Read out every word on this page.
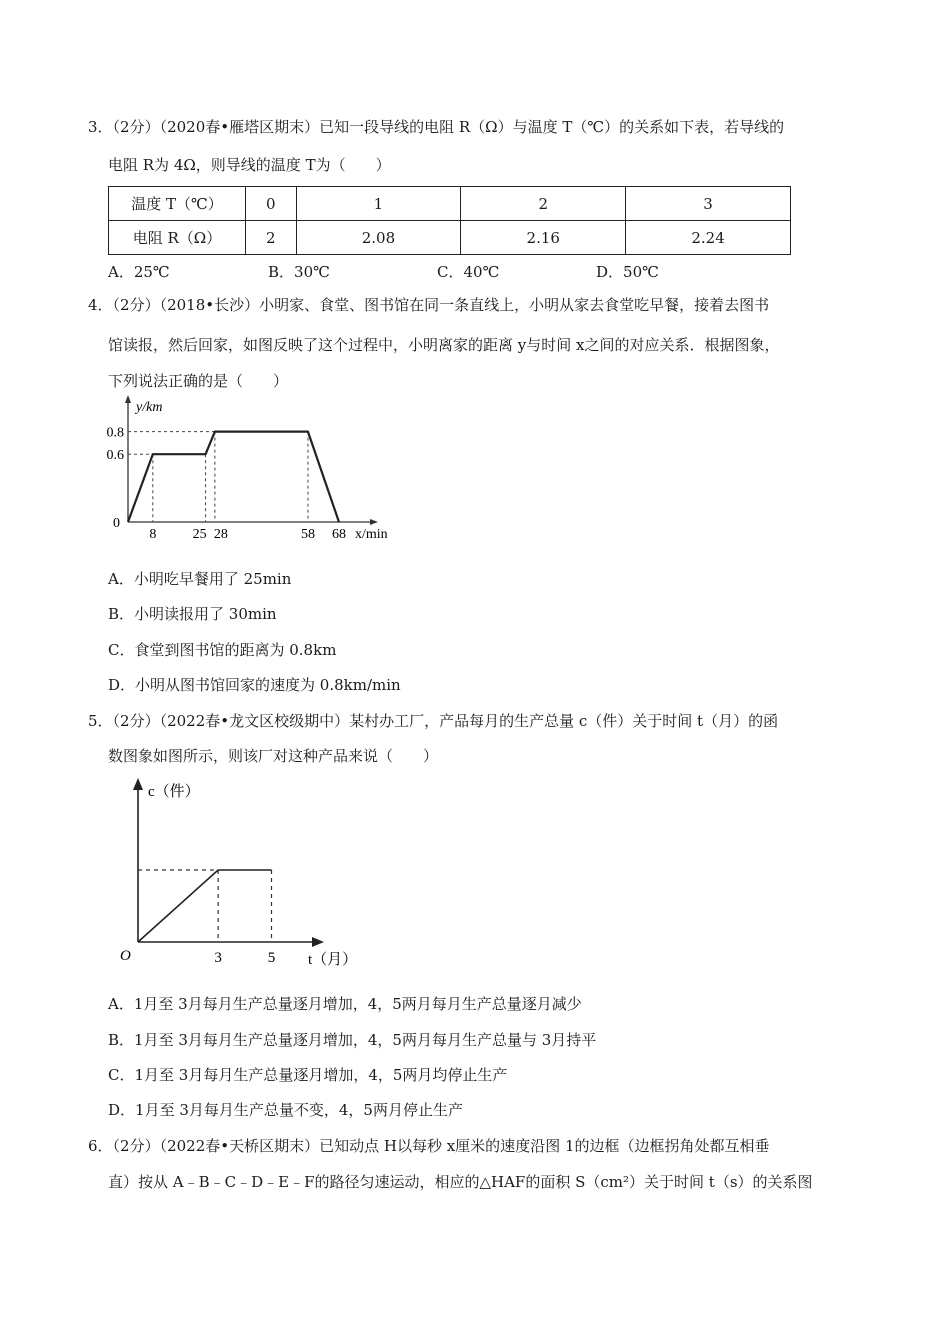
3．（2分）（2020春•雁塔区期末）已知一段导线的电阻 R（Ω）与温度 T（℃）的关系如下表，若导线的
电阻 R为 4Ω，则导线的温度 T为（　　）
温度 T（℃）	0	1	2	3
电阻 R（Ω）	2	2.08	2.16	2.24
A．25℃	B．30℃	C．40℃	D．50℃
4．（2分）（2018•长沙）小明家、食堂、图书馆在同一条直线上，小明从家去食堂吃早餐，接着去图书
馆读报，然后回家，如图反映了这个过程中，小明离家的距离 y与时间 x之间的对应关系．根据图象，
下列说法正确的是（　　）
8	25 28	58 68
0.6
0.8
0
y/km
x/min
A．小明吃早餐用了 25min
B．小明读报用了 30min
C．食堂到图书馆的距离为 0.8km
D．小明从图书馆回家的速度为 0.8km/min
5．（2分）（2022春•龙文区校级期中）某村办工厂，产品每月的生产总量 c（件）关于时间 t（月）的函
数图象如图所示，则该厂对这种产品来说（　　）
3	5
O
c（件）
t（月）
A．1月至 3月每月生产总量逐月增加，4，5两月每月生产总量逐月减少
B．1月至 3月每月生产总量逐月增加，4，5两月每月生产总量与 3月持平
C．1月至 3月每月生产总量逐月增加，4，5两月均停止生产
D．1月至 3月每月生产总量不变，4，5两月停止生产
6．（2分）（2022春•天桥区期末）已知动点 H以每秒 x厘米的速度沿图 1的边框（边框拐角处都互相垂
直）按从 A﹣B﹣C﹣D﹣E﹣F的路径匀速运动，相应的△HAF的面积 S（cm²）关于时间 t（s）的关系图
